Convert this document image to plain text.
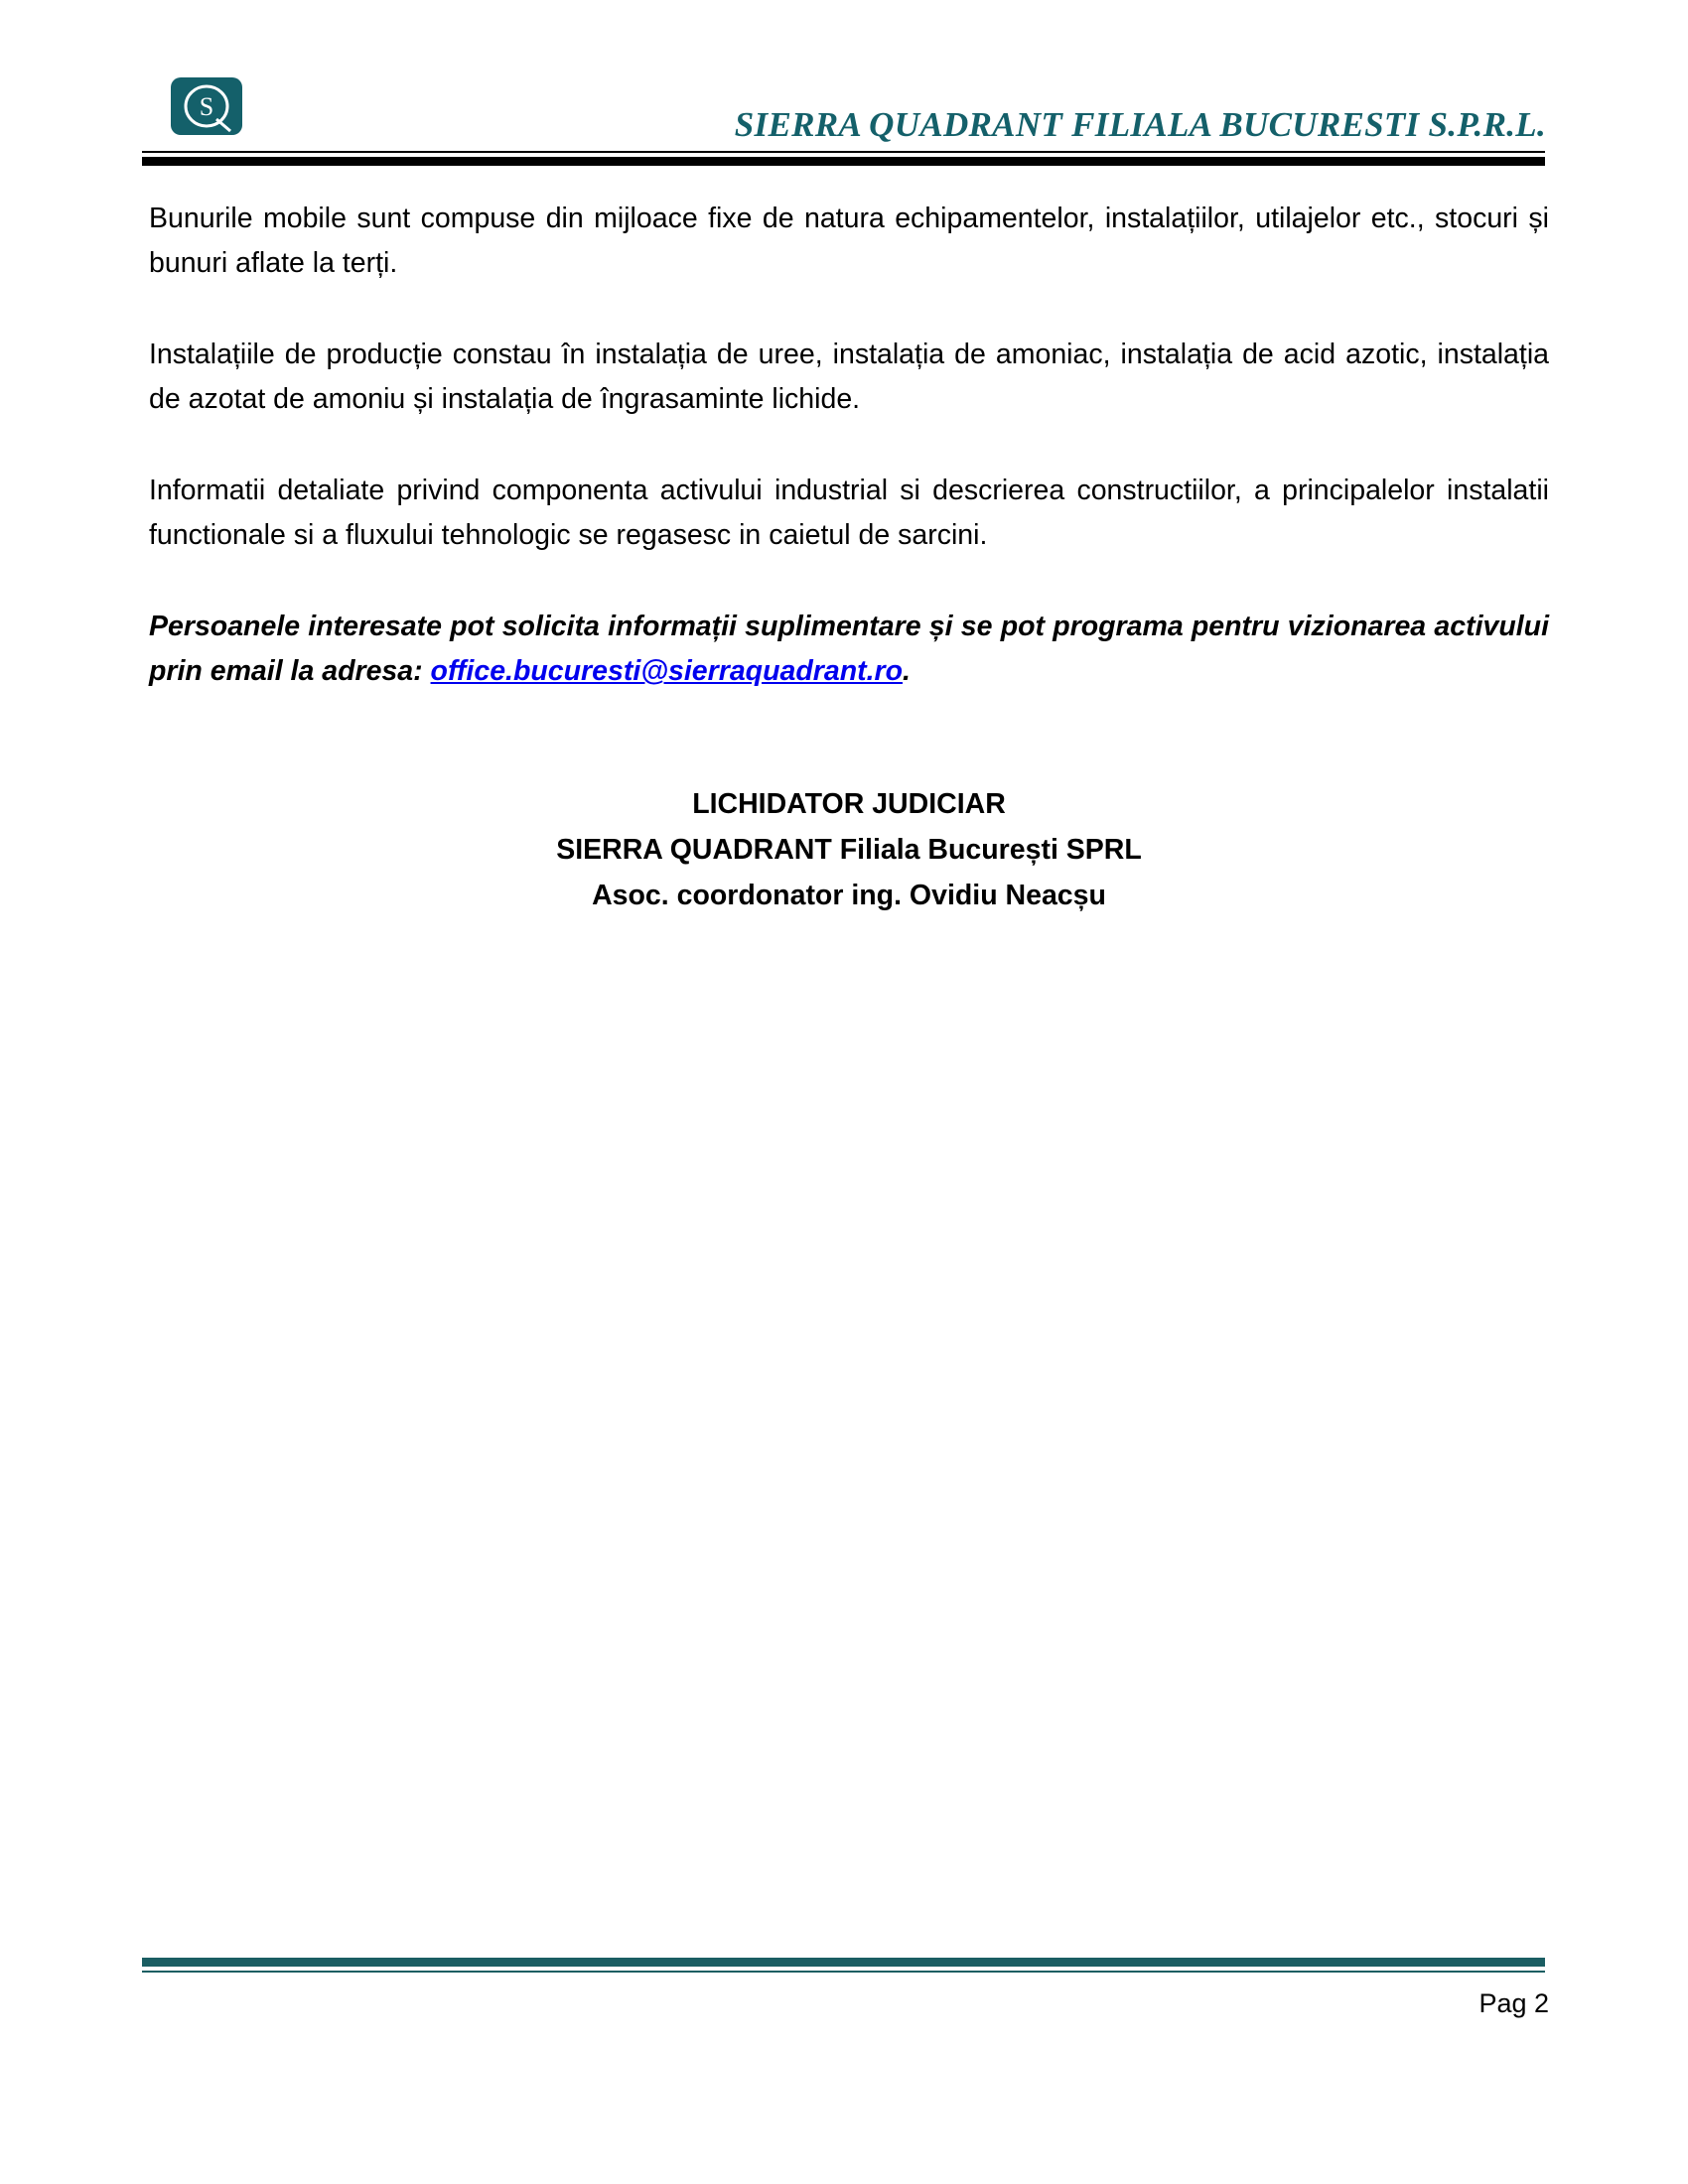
S	SIERRA QUADRANT FILIALA BUCURESTI S.P.R.L.

Bunurile mobile sunt compuse din mijloace fixe de natura echipamentelor, instalațiilor, utilajelor etc., stocuri și bunuri aflate la terți.

Instalațiile de producție constau în instalația de uree, instalația de amoniac, instalația de acid azotic, instalația de azotat de amoniu și instalația de îngrasaminte lichide.

Informatii detaliate privind componenta activului industrial si descrierea constructiilor, a principalelor instalatii functionale si a fluxului tehnologic se regasesc in caietul de sarcini.

Persoanele interesate pot solicita informații suplimentare și se pot programa pentru vizionarea activului prin email la adresa: office.bucuresti@sierraquadrant.ro.

LICHIDATOR JUDICIAR
SIERRA QUADRANT Filiala București SPRL
Asoc. coordonator ing. Ovidiu Neacșu
Pag 2
